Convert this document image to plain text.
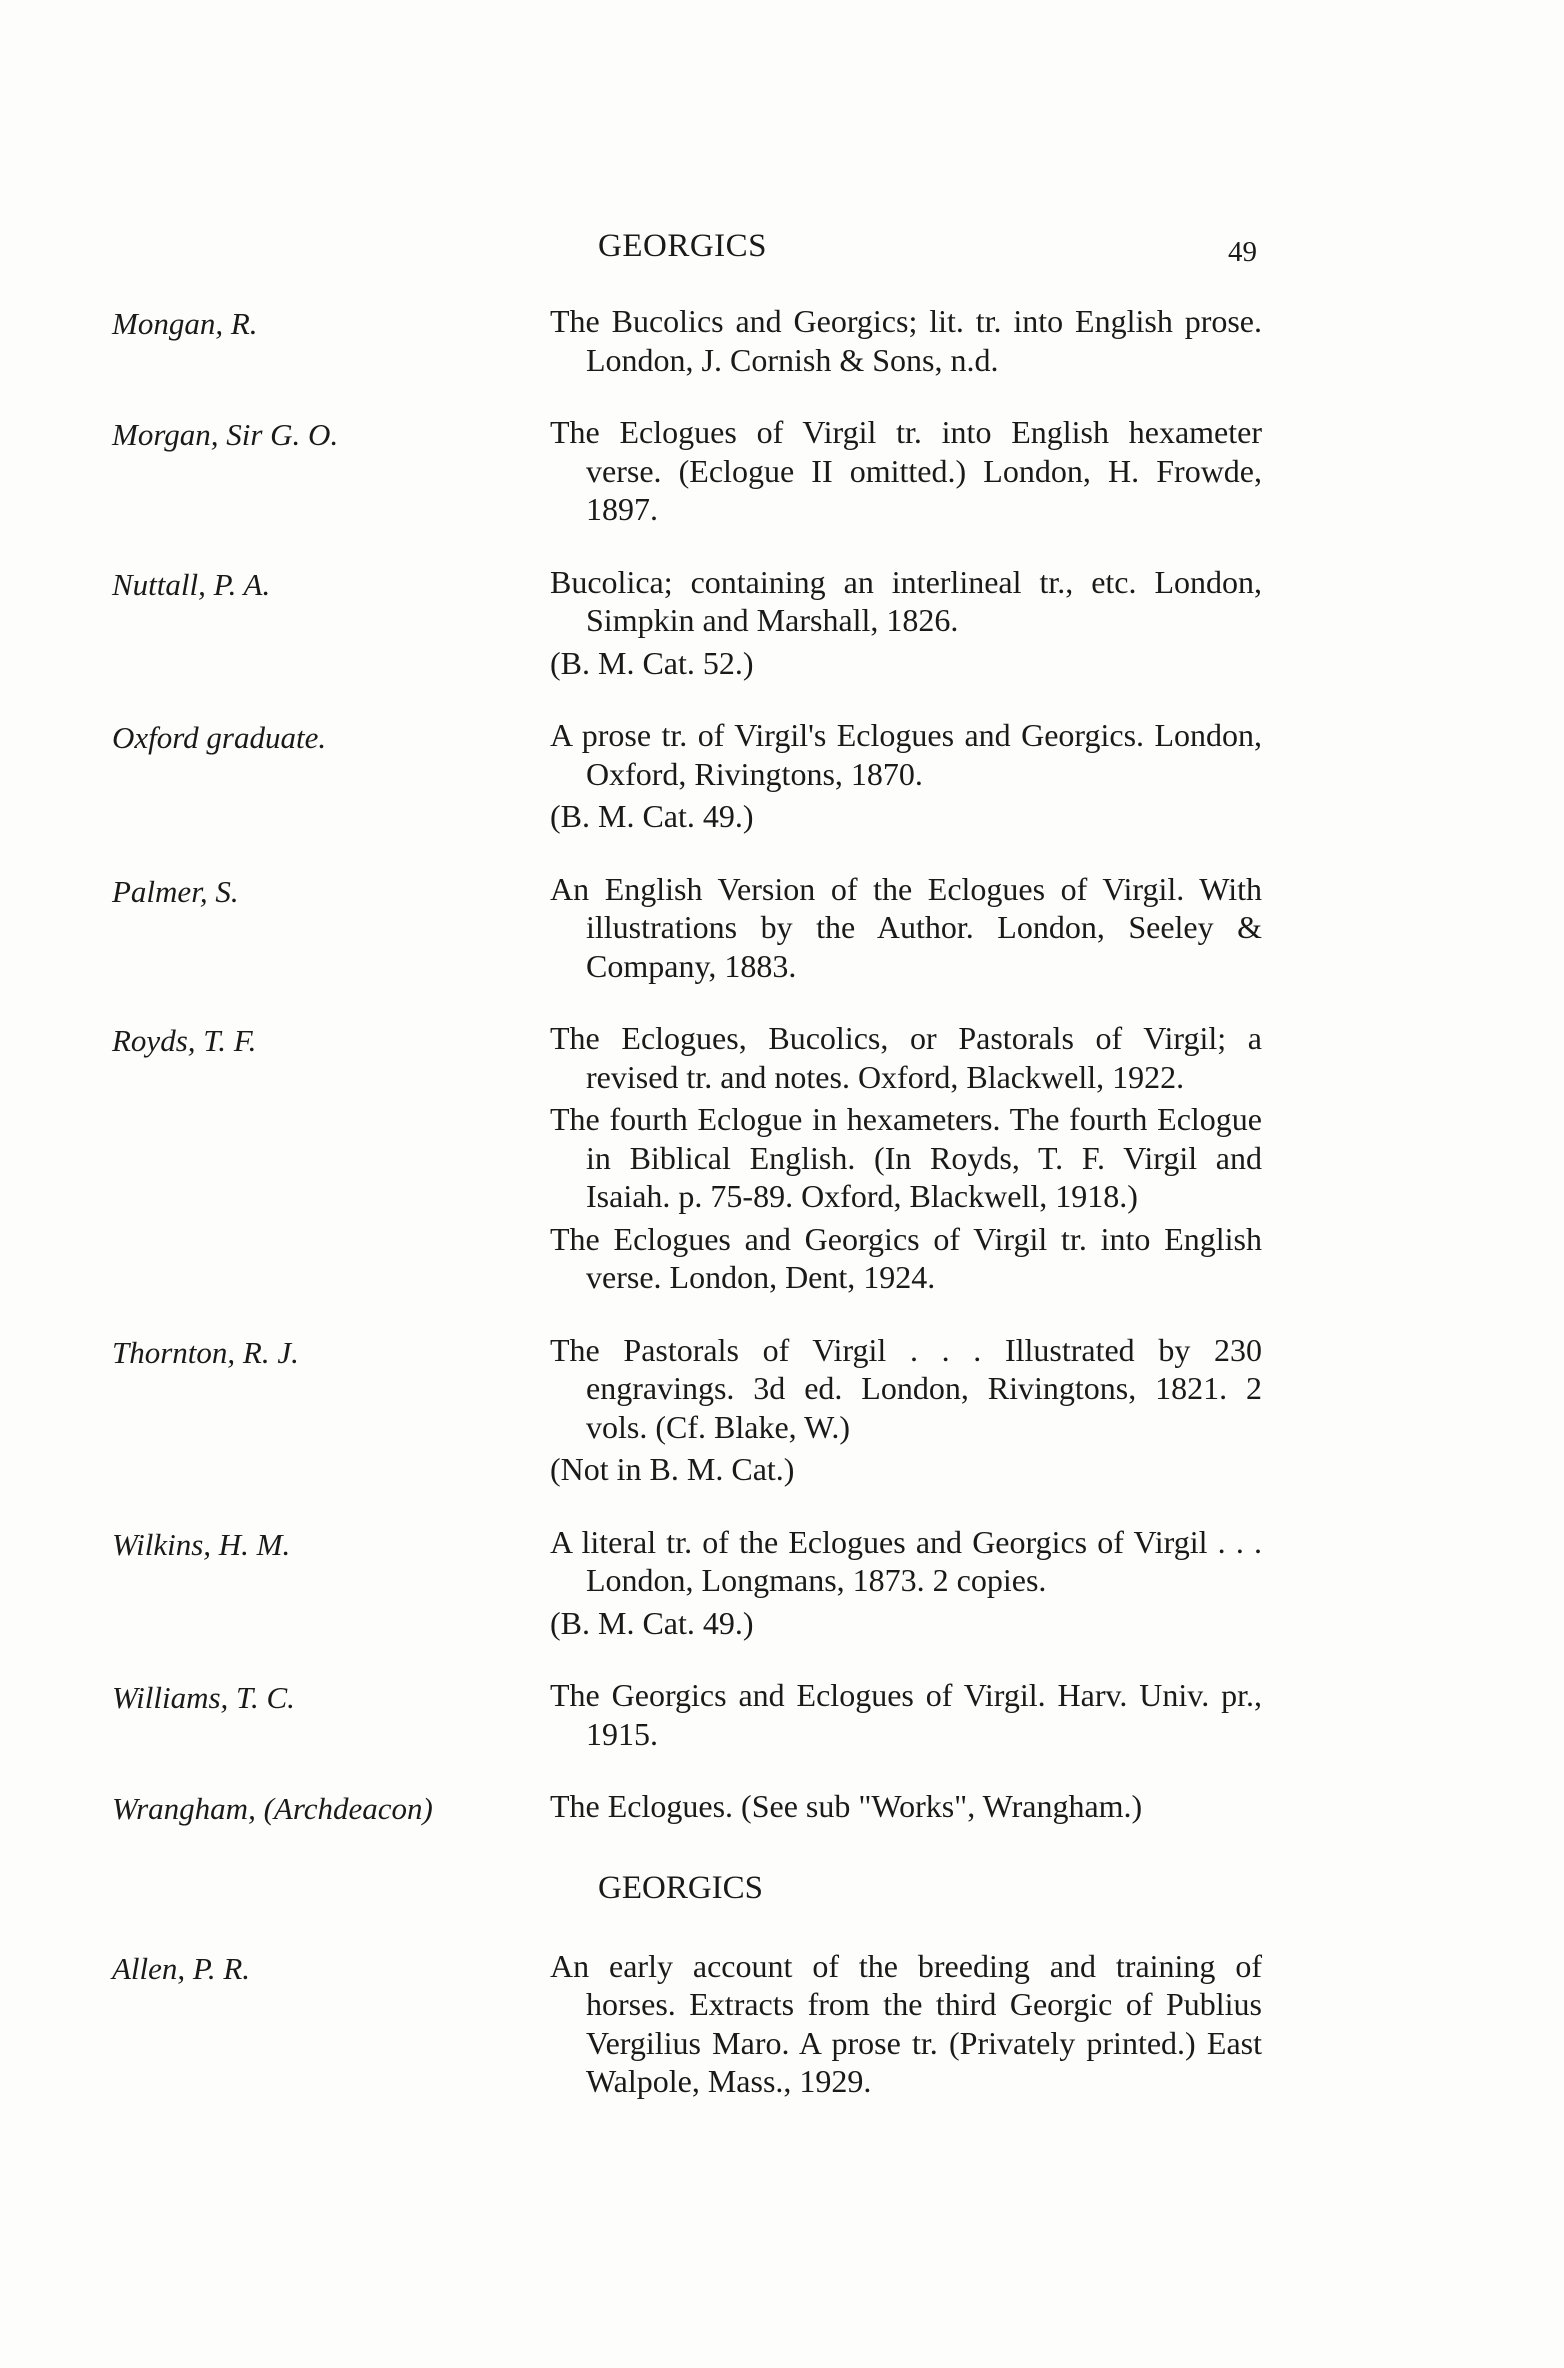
GEORGICS	49
Mongan, R.	The Bucolics and Georgics; lit. tr. into English prose. London, J. Cornish & Sons, n.d.
Morgan, Sir G. O.	The Eclogues of Virgil tr. into English hexameter verse. (Eclogue II omitted.) London, H. Frowde, 1897.
Nuttall, P. A.	Bucolica; containing an interlineal tr., etc. London, Simpkin and Marshall, 1826.
(B. M. Cat. 52.)
Oxford graduate.	A prose tr. of Virgil's Eclogues and Georgics. London, Oxford, Rivingtons, 1870.
(B. M. Cat. 49.)
Palmer, S.	An English Version of the Eclogues of Virgil. With illustrations by the Author. London, Seeley & Company, 1883.
Royds, T. F.	The Eclogues, Bucolics, or Pastorals of Virgil; a revised tr. and notes. Oxford, Blackwell, 1922.
The fourth Eclogue in hexameters. The fourth Eclogue in Biblical English. (In Royds, T. F. Virgil and Isaiah. p. 75-89. Oxford, Blackwell, 1918.)
The Eclogues and Georgics of Virgil tr. into English verse. London, Dent, 1924.
Thornton, R. J.	The Pastorals of Virgil . . . Illustrated by 230 engravings. 3d ed. London, Rivingtons, 1821. 2 vols. (Cf. Blake, W.)
(Not in B. M. Cat.)
Wilkins, H. M.	A literal tr. of the Eclogues and Georgics of Virgil . . . London, Longmans, 1873. 2 copies.
(B. M. Cat. 49.)
Williams, T. C.	The Georgics and Eclogues of Virgil. Harv. Univ. pr., 1915.
Wrangham, (Archdeacon)	The Eclogues. (See sub "Works", Wrangham.)
GEORGICS
Allen, P. R.	An early account of the breeding and training of horses. Extracts from the third Georgic of Publius Vergilius Maro. A prose tr. (Privately printed.) East Walpole, Mass., 1929.
